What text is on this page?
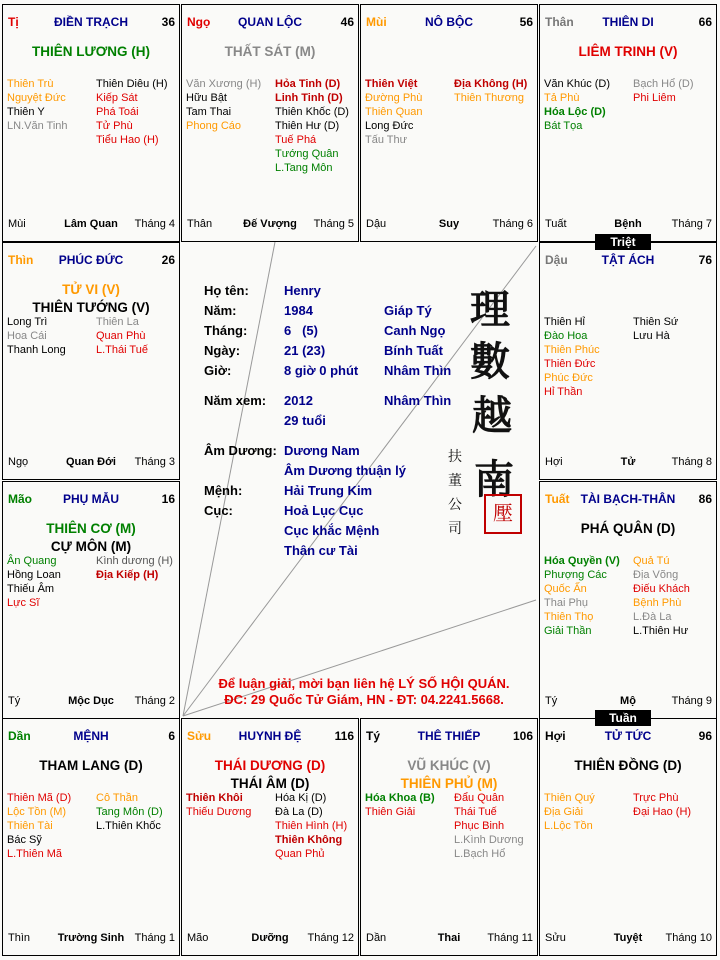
Tị	ĐIỀN TRẠCH	36
THIÊN LƯƠNG (H)
Thiên Trù	Thiên Diêu (H)
Nguyệt Đức	Kiếp Sát
Thiên Y	Phá Toái
LN.Văn Tinh	Tử Phù
Tiểu Hao (H)
Mùi	Lâm Quan	Tháng 4
Ngọ	QUAN LỘC	46
THẤT SÁT (M)
Văn Xương (H)	Hỏa Tinh (D)
Hữu Bật	Linh Tinh (D)
Tam Thai	Thiên Khốc (D)
Phong Cáo	Thiên Hư (D)
Tuế Phá
Tướng Quân
L.Tang Môn
Thân	Đế Vượng	Tháng 5
Mùi	NÔ BỘC	56
Thiên Việt	Địa Không (H)
Đường Phù	Thiên Thương
Thiên Quan
Long Đức
Tấu Thư
Dậu	Suy	Tháng 6
Thân	THIÊN DI	66
LIÊM TRINH (V)
Văn Khúc (D)	Bạch Hổ (D)
Tả Phù	Phi Liêm
Hóa Lộc (D)
Bát Tọa
Tuất	Bệnh	Tháng 7
Thìn	PHÚC ĐỨC	26
TỬ VI (V)
THIÊN TƯỚNG (V)
Long Trì	Thiên La
Hoa Cái	Quan Phù
Thanh Long	L.Thái Tuế
Ngọ	Quan Đới	Tháng 3
Dậu	TẬT ÁCH	76
Thiên Hỉ	Thiên Sứ
Đào Hoa	Lưu Hà
Thiên Phúc
Thiên Đức
Phúc Đức
Hỉ Thần
Hợi	Tử	Tháng 8
Mão	PHỤ MẪU	16
THIÊN CƠ (M)
CỰ MÔN (M)
Ân Quang	Kình dương (H)
Hồng Loan	Địa Kiếp (H)
Thiếu Âm
Lực Sĩ
Tý	Mộc Dục	Tháng 2
Tuất TÀI BẠCH-THÂN	86
PHÁ QUÂN (D)
Hóa Quyền (V)	Quả Tú
Phượng Các	Địa Võng
Quốc Ấn	Điếu Khách
Thai Phụ	Bệnh Phù
Thiên Thọ	L.Đà La
Giải Thần	L.Thiên Hư
Tý	Mộ	Tháng 9
Dần	MỆNH	6
THAM LANG (D)
Thiên Mã (D)	Cô Thần
Lộc Tồn (M)	Tang Môn (D)
Thiên Tài	L.Thiên Khốc
Bác Sỹ
L.Thiên Mã
Thìn	Trường Sinh Tháng 1
Sửu	HUYNH ĐỆ	116
THÁI DƯƠNG (D)
THÁI ÂM (D)
Thiên Khôi	Hóa Kị (D)
Thiếu Dương	Đà La (D)
Thiên Hình (H)
Thiên Không
Quan Phủ
Mão	Dưỡng	Tháng 12
Tý	THÊ THIẾP	106
VŨ KHÚC (V)
THIÊN PHỦ (M)
Hóa Khoa (B)	Đẩu Quân
Thiên Giải	Thái Tuế
Phục Binh
L.Kình Dương
L.Bạch Hổ
Dần	Thai	Tháng 11
Hợi	TỬ TỨC	96
THIÊN ĐỒNG (D)
Thiên Quý	Trực Phù
Địa Giải	Đại Hao (H)
L.Lộc Tồn
Sửu	Tuyệt	Tháng 10
Họ tên:	Henry
Năm:	1984	Giáp Tý
Tháng:	6   (5)	Canh Ngọ
Ngày:	21 (23)	Bính Tuất
Giờ:	8 giờ 0 phút Nhâm Thìn
Năm xem: 2012	Nhâm Thìn
29 tuổi
Âm Dương: Dương Nam
Âm Dương thuận lý
Mệnh:	Hải Trung Kim
Cục:	Hoả Lục Cục
Cục khắc Mệnh
Thân cư Tài
理
數
越
南
扶
董
公
司
壓
Để luận giải, mời bạn liên hệ LÝ SỐ HỘI QUÁN.
ĐC: 29 Quốc Tử Giám, HN - ĐT: 04.2241.5668.
Triệt
Tuần
